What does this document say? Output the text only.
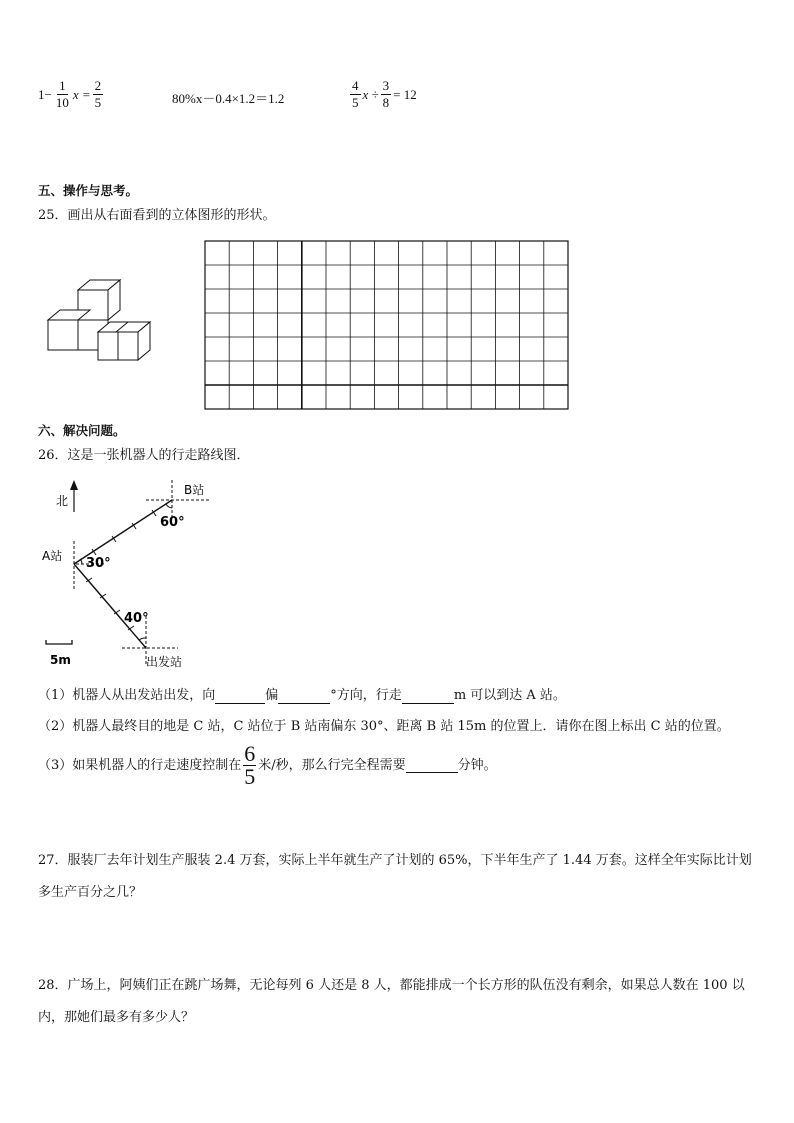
$1- \frac{1}{10}$ $x = \frac{2}{5}$	80%x－0.4×1.2＝1.2	$\frac{4}{5}$ $x \div \frac{3}{8} = 12$
五、操作与思考。
25．画出从右面看到的立体图形的形状。
六、解决问题。
26．这是一张机器人的行走路线图．
北
A站 30°
B站
60°
出发站
40°
5m
（1）机器人从出发站出发，向	偏	°方向，行走	m 可以到达 A 站。
（2）机器人最终目的地是 C 站，C 站位于 B 站南偏东 30°、距离 B 站 15m 的位置上．请你在图上标出 C 站的位置。
（3）如果机器人的行走速度控制在 $\frac{6}{5}$ 米/秒，那么行完全程需要	分钟。
27．服装厂去年计划生产服装 2.4 万套，实际上半年就生产了计划的 65%，下半年生产了 1.44 万套。这样全年实际比计划多生产百分之几？
28．广场上，阿姨们正在跳广场舞，无论每列 6 人还是 8 人，都能排成一个长方形的队伍没有剩余，如果总人数在 100 以内，那她们最多有多少人？
